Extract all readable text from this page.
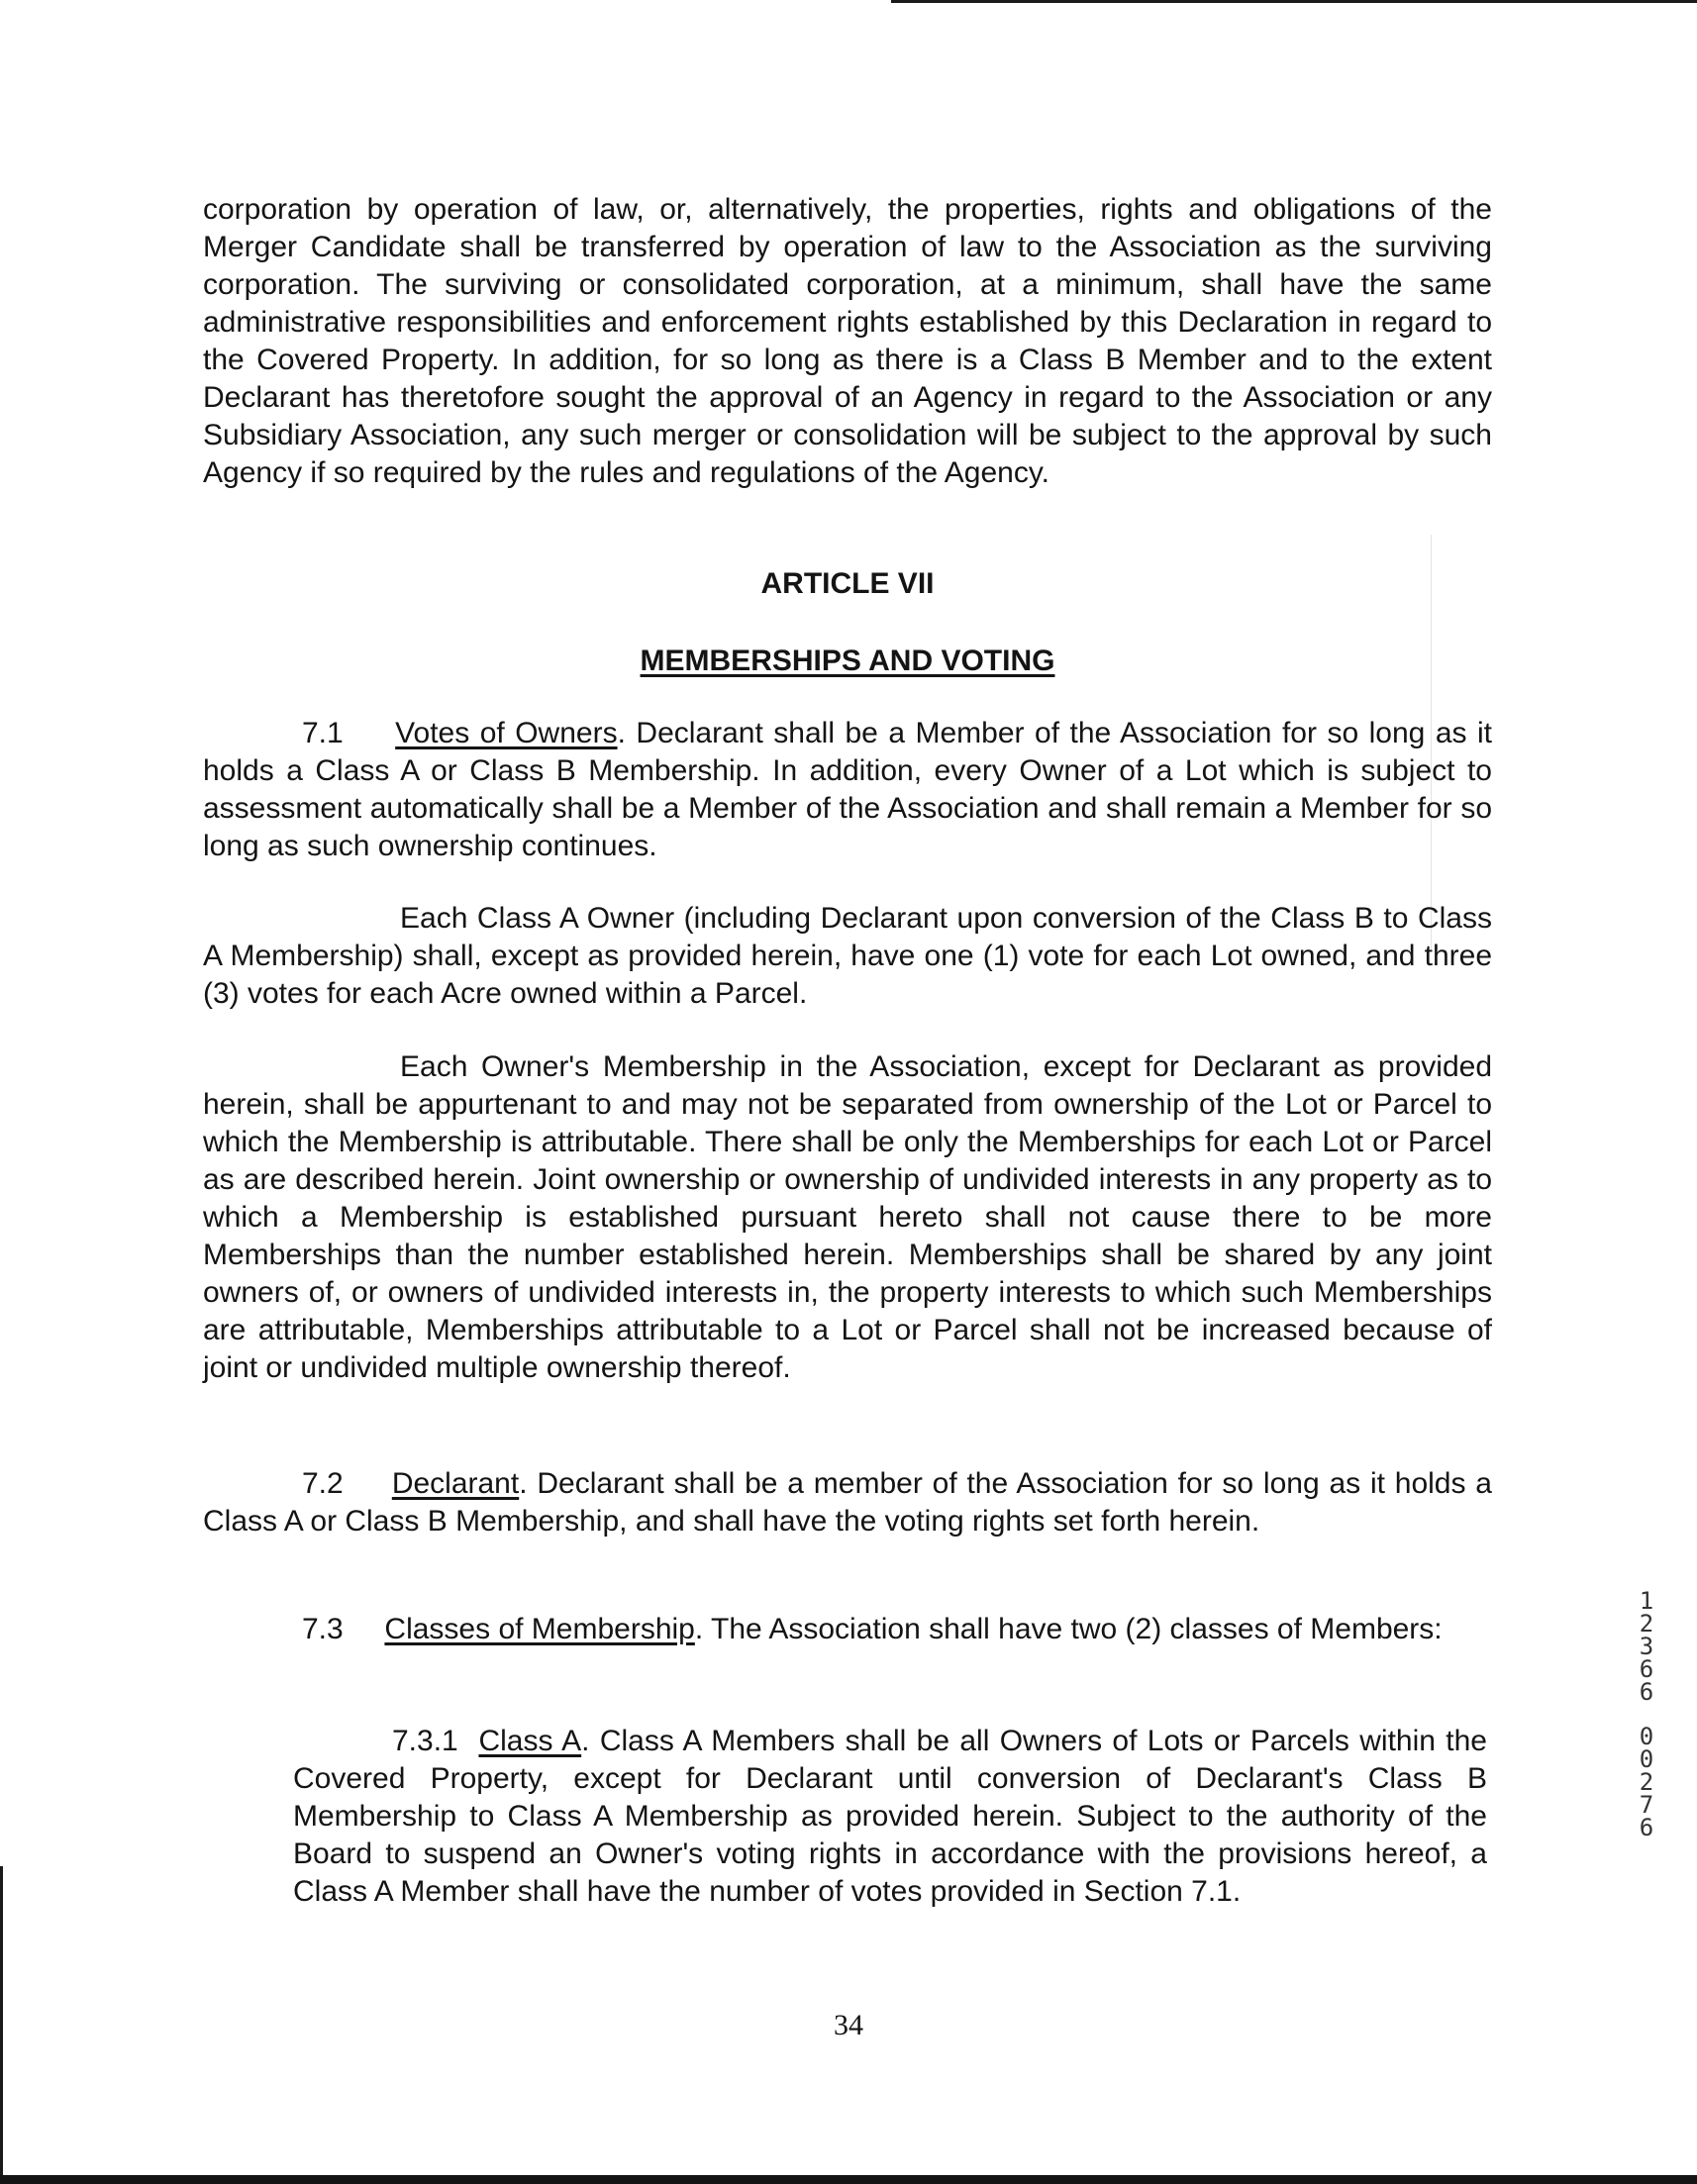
corporation by operation of law, or, alternatively, the properties, rights and obligations of the Merger Candidate shall be transferred by operation of law to the Association as the surviving corporation. The surviving or consolidated corporation, at a minimum, shall have the same administrative responsibilities and enforcement rights established by this Declaration in regard to the Covered Property. In addition, for so long as there is a Class B Member and to the extent Declarant has theretofore sought the approval of an Agency in regard to the Association or any Subsidiary Association, any such merger or consolidation will be subject to the approval by such Agency if so required by the rules and regulations of the Agency.

ARTICLE VII

MEMBERSHIPS AND VOTING

7.1 Votes of Owners. Declarant shall be a Member of the Association for so long as it holds a Class A or Class B Membership. In addition, every Owner of a Lot which is subject to assessment automatically shall be a Member of the Association and shall remain a Member for so long as such ownership continues.

Each Class A Owner (including Declarant upon conversion of the Class B to Class A Membership) shall, except as provided herein, have one (1) vote for each Lot owned, and three (3) votes for each Acre owned within a Parcel.

Each Owner's Membership in the Association, except for Declarant as provided herein, shall be appurtenant to and may not be separated from ownership of the Lot or Parcel to which the Membership is attributable. There shall be only the Memberships for each Lot or Parcel as are described herein. Joint ownership or ownership of undivided interests in any property as to which a Membership is established pursuant hereto shall not cause there to be more Memberships than the number established herein. Memberships shall be shared by any joint owners of, or owners of undivided interests in, the property interests to which such Memberships are attributable, Memberships attributable to a Lot or Parcel shall not be increased because of joint or undivided multiple ownership thereof.

7.2 Declarant. Declarant shall be a member of the Association for so long as it holds a Class A or Class B Membership, and shall have the voting rights set forth herein.

7.3 Classes of Membership. The Association shall have two (2) classes of Members:

7.3.1 Class A. Class A Members shall be all Owners of Lots or Parcels within the Covered Property, except for Declarant until conversion of Declarant's Class B Membership to Class A Membership as provided herein. Subject to the authority of the Board to suspend an Owner's voting rights in accordance with the provisions hereof, a Class A Member shall have the number of votes provided in Section 7.1.

34
1
2
3
6
6
0
0
2
7
6
